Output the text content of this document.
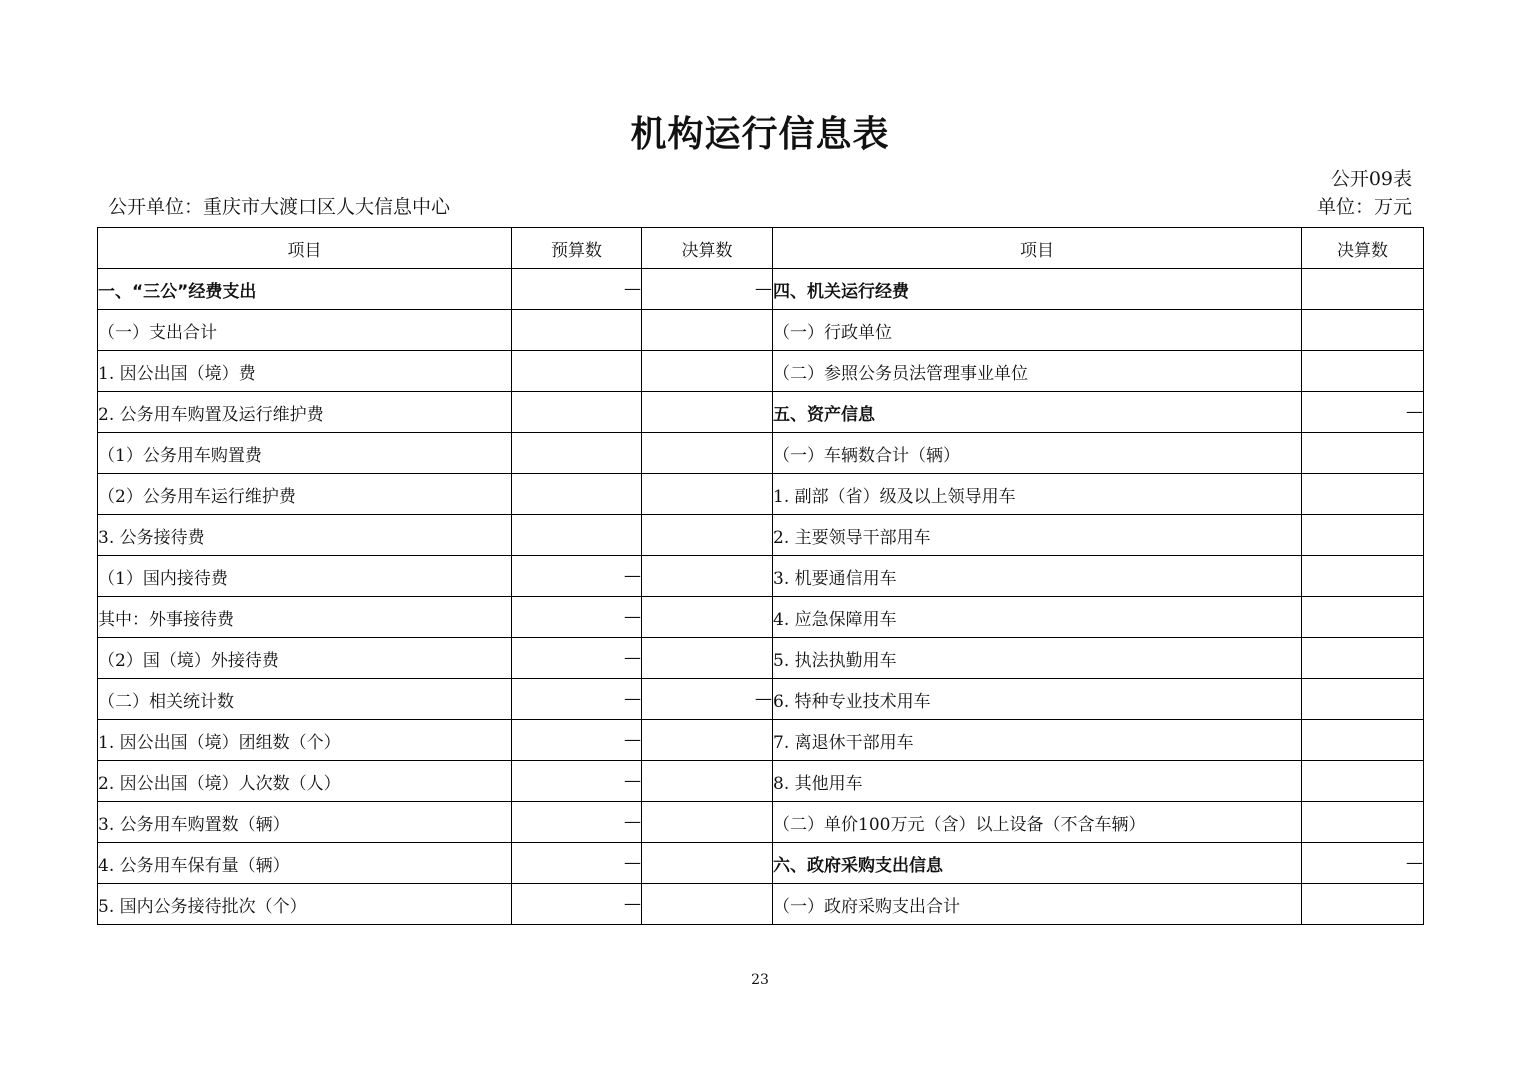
机构运行信息表
公开09表
公开单位：重庆市大渡口区人大信息中心	单位：万元
项目	预算数	决算数	项目	决算数
一、“三公”经费支出	—	—	四、机关运行经费	
（一）支出合计			（一）行政单位	
1. 因公出国（境）费			（二）参照公务员法管理事业单位	
2. 公务用车购置及运行维护费			五、资产信息	—
（1）公务用车购置费			（一）车辆数合计（辆）	
（2）公务用车运行维护费			1. 副部（省）级及以上领导用车	
3. 公务接待费			2. 主要领导干部用车	
（1）国内接待费	—		3. 机要通信用车	
其中：外事接待费	—		4. 应急保障用车	
（2）国（境）外接待费	—		5. 执法执勤用车	
（二）相关统计数	—	—	6. 特种专业技术用车	
1. 因公出国（境）团组数（个）	—		7. 离退休干部用车	
2. 因公出国（境）人次数（人）	—		8. 其他用车	
3. 公务用车购置数（辆）	—		（二）单价100万元（含）以上设备（不含车辆）	
4. 公务用车保有量（辆）	—		六、政府采购支出信息	—
5. 国内公务接待批次（个）	—		（一）政府采购支出合计	
23
